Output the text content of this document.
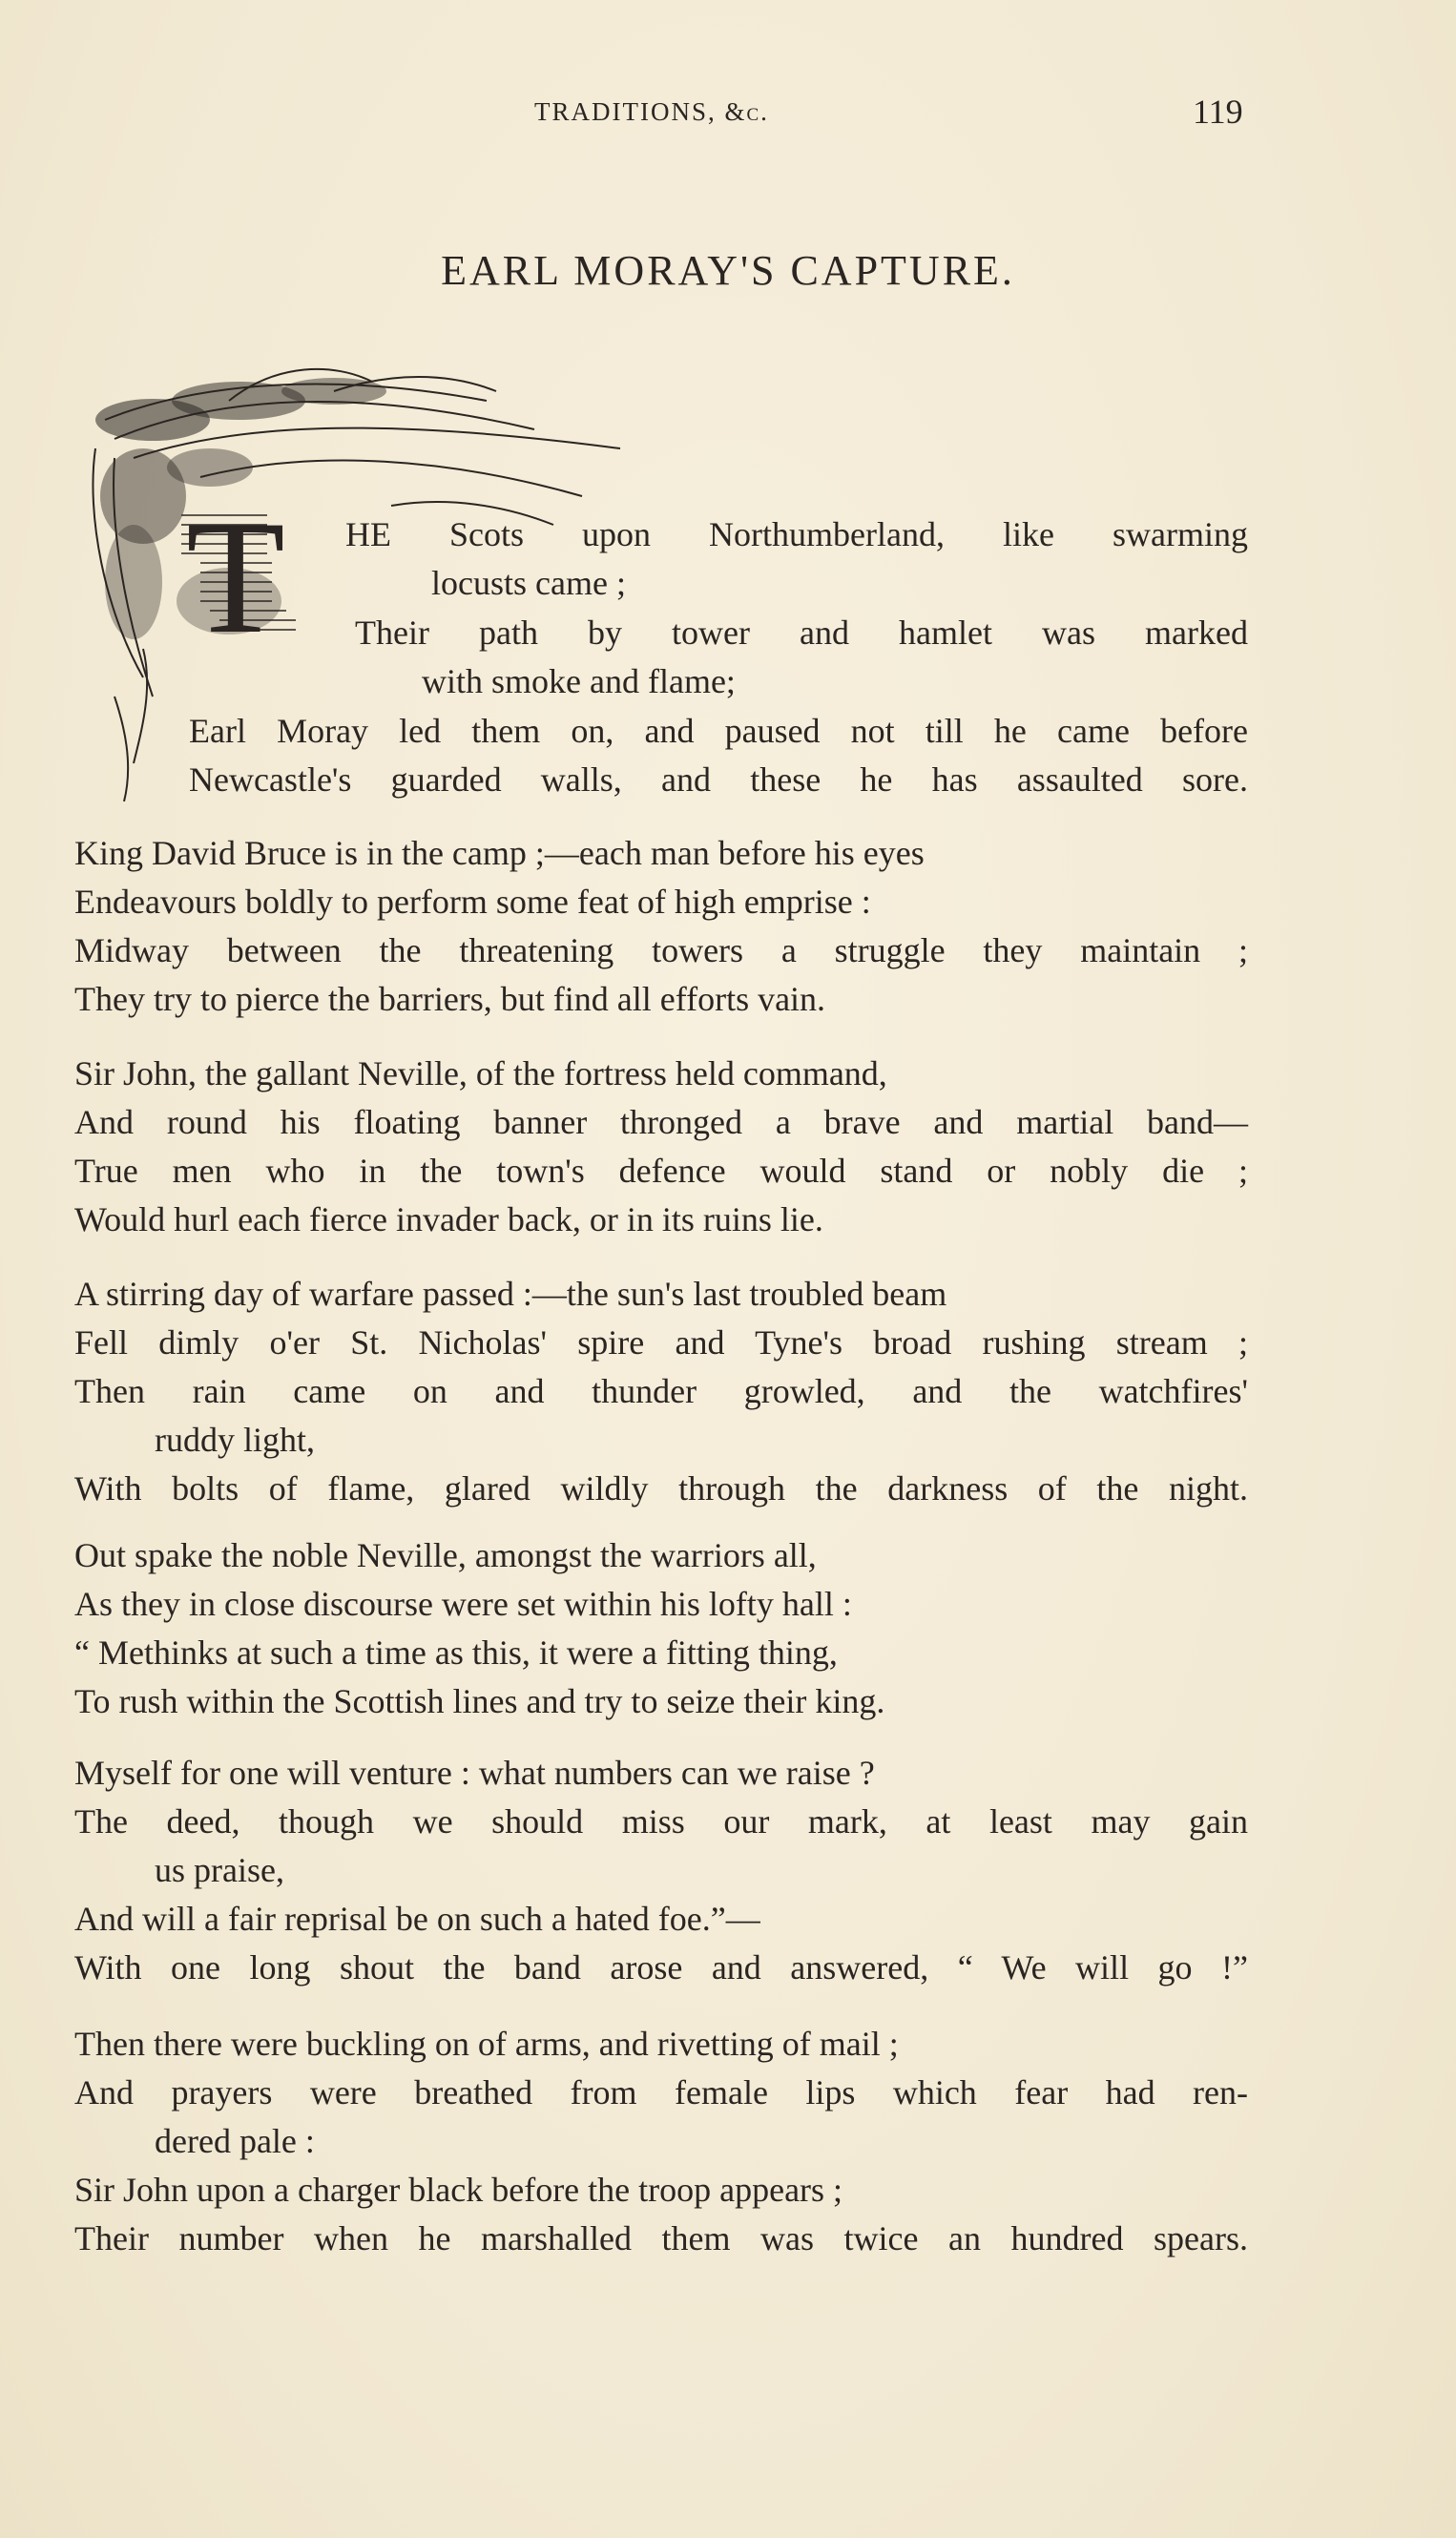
TRADITIONS, &c.	119
EARL MORAY'S CAPTURE.
T HE Scots upon Northumberland, like swarming
locusts came ;
Their path by tower and hamlet was marked
with smoke and flame;
Earl Moray led them on, and paused not till he came before
Newcastle's guarded walls, and these he has assaulted sore.
King David Bruce is in the camp ;—each man before his eyes
Endeavours boldly to perform some feat of high emprise :
Midway between the threatening towers a struggle they maintain ;
They try to pierce the barriers, but find all efforts vain.
Sir John, the gallant Neville, of the fortress held command,
And round his floating banner thronged a brave and martial band—
True men who in the town's defence would stand or nobly die ;
Would hurl each fierce invader back, or in its ruins lie.
A stirring day of warfare passed :—the sun's last troubled beam
Fell dimly o'er St. Nicholas' spire and Tyne's broad rushing stream ;
Then rain came on and thunder growled, and the watchfires'
ruddy light,
With bolts of flame, glared wildly through the darkness of the night.
Out spake the noble Neville, amongst the warriors all,
As they in close discourse were set within his lofty hall :
“ Methinks at such a time as this, it were a fitting thing,
To rush within the Scottish lines and try to seize their king.
Myself for one will venture : what numbers can we raise ?
The deed, though we should miss our mark, at least may gain
us praise,
And will a fair reprisal be on such a hated foe.”—
With one long shout the band arose and answered, “ We will go !”
Then there were buckling on of arms, and rivetting of mail ;
And prayers were breathed from female lips which fear had ren-
dered pale :
Sir John upon a charger black before the troop appears ;
Their number when he marshalled them was twice an hundred spears.
